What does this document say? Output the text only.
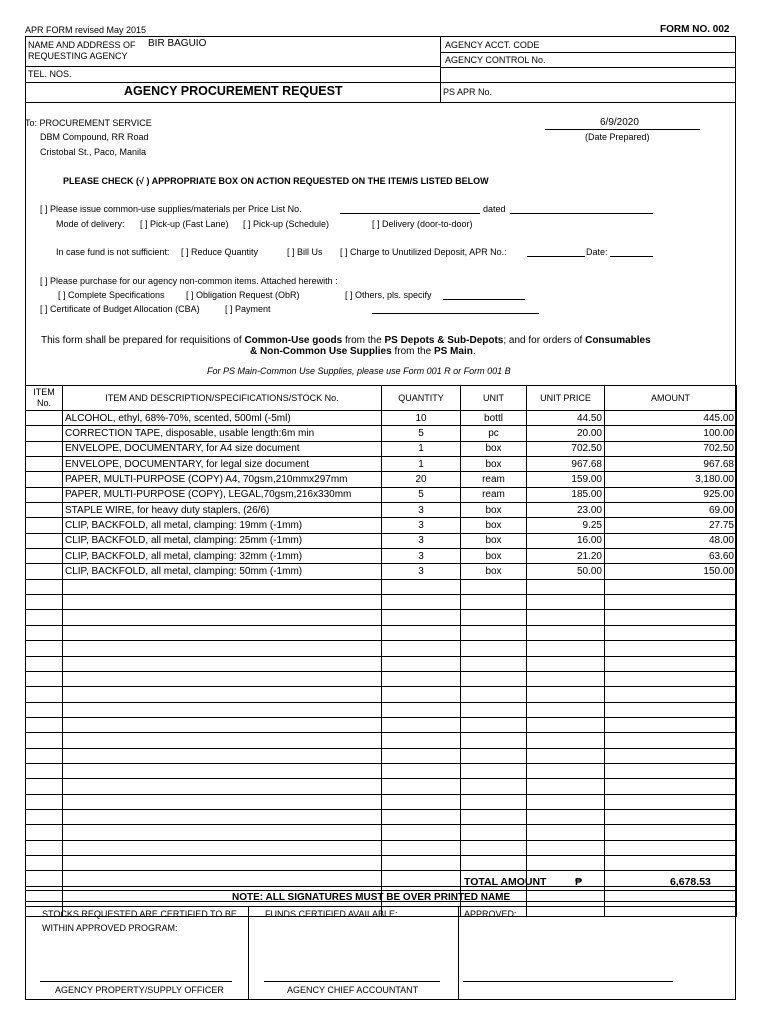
APR FORM revised May 2015	FORM NO. 002
NAME AND ADDRESS OF
REQUESTING AGENCY
BIR BAGUIO
TEL. NOS.
AGENCY ACCT. CODE
AGENCY CONTROL No.
AGENCY PROCUREMENT REQUEST	PS APR No.
To: PROCUREMENT SERVICE
DBM Compound, RR Road
Cristobal St., Paco, Manila
6/9/2020
(Date Prepared)
PLEASE CHECK (√ ) APPROPRIATE BOX ON ACTION REQUESTED ON THE ITEM/S LISTED BELOW
[ ] Please issue common-use supplies/materials per Price List No.	dated
Mode of delivery: [ ] Pick-up (Fast Lane) [ ] Pick-up (Schedule)	[ ] Delivery (door-to-door)
In case fund is not sufficient: [ ] Reduce Quantity	[ ] Bill Us [ ] Charge to Unutilized Deposit, APR No.:	Date:
[ ] Please purchase for our agency non-common items. Attached herewith :
[ ] Complete Specifications [ ] Obligation Request (ObR)	[ ] Others, pls. specify
[ ] Certificate of Budget Allocation (CBA)	[ ] Payment
This form shall be prepared for requisitions of Common-Use goods from the PS Depots & Sub-Depots; and for orders of Consumables
& Non-Common Use Supplies from the PS Main.
For PS Main-Common Use Supplies, please use Form 001 R or Form 001 B
ITEM
No.	ITEM AND DESCRIPTION/SPECIFICATIONS/STOCK No.	QUANTITY	UNIT	UNIT PRICE	AMOUNT
	ALCOHOL, ethyl, 68%-70%, scented, 500ml (-5ml)	10	bottl	44.50	445.00
	CORRECTION TAPE, disposable, usable length:6m min	5	pc	20.00	100.00
	ENVELOPE, DOCUMENTARY, for A4 size document	1	box	702.50	702.50
	ENVELOPE, DOCUMENTARY, for legal size document	1	box	967.68	967.68
	PAPER, MULTI-PURPOSE (COPY) A4, 70gsm,210mmx297mm	20	ream	159.00	3,180.00
	PAPER, MULTI-PURPOSE (COPY), LEGAL,70gsm,216x330mm	5	ream	185.00	925.00
	STAPLE WIRE, for heavy duty staplers, (26/6)	3	box	23.00	69.00
	CLIP, BACKFOLD, all metal, clamping: 19mm (-1mm)	3	box	9.25	27.75
	CLIP, BACKFOLD, all metal, clamping: 25mm (-1mm)	3	box	16.00	48.00
	CLIP, BACKFOLD, all metal, clamping: 32mm (-1mm)	3	box	21.20	63.60
	CLIP, BACKFOLD, all metal, clamping: 50mm (-1mm)	3	box	50.00	150.00

TOTAL AMOUNT	₱	6,678.53
NOTE: ALL SIGNATURES MUST BE OVER PRINTED NAME
STOCKS REQUESTED ARE CERTIFIED TO BE
WITHIN APPROVED PROGRAM:
FUNDS CERTIFIED AVAILABLE:	APPROVED:
AGENCY PROPERTY/SUPPLY OFFICER	AGENCY CHIEF ACCOUNTANT
